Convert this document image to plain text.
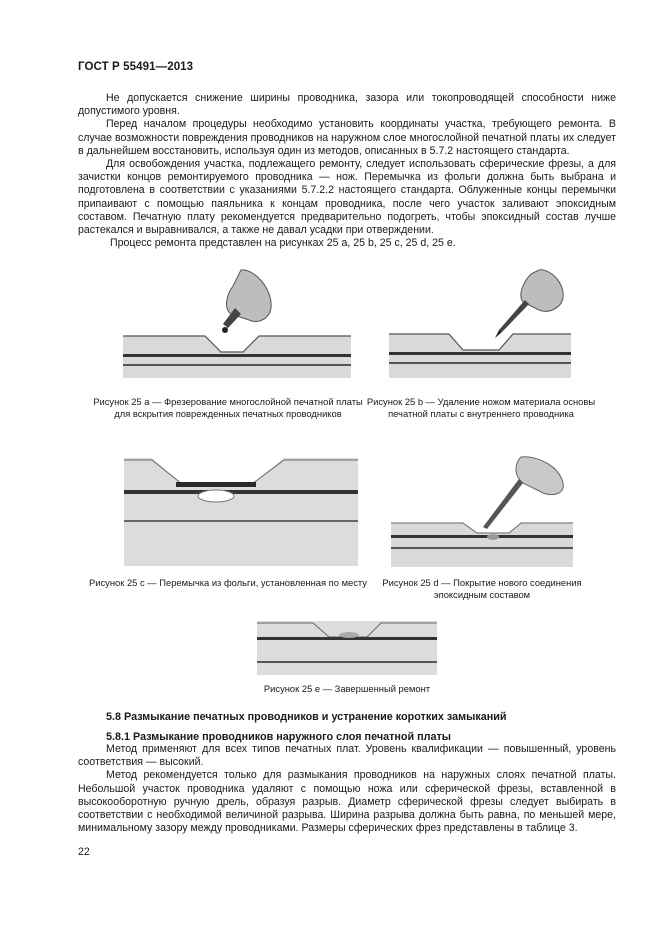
ГОСТ Р 55491—2013

Не допускается снижение ширины проводника, зазора или токопроводящей способности ниже допустимого уровня.

Перед началом процедуры необходимо установить координаты участка, требующего ремонта. В случае возможности повреждения проводников на наружном слое многослойной печатной платы их следует в дальнейшем восстановить, используя один из методов, описанных в 5.7.2 настоящего стандарта.

Для освобождения участка, подлежащего ремонту, следует использовать сферические фрезы, а для зачистки концов ремонтируемого проводника — нож. Перемычка из фольги должна быть выбрана и подготовлена в соответствии с указаниями 5.7.2.2 настоящего стандарта. Облуженные концы перемычки припаивают с помощью паяльника к концам проводника, после чего участок заливают эпоксидным составом. Печатную плату рекомендуется предварительно подогреть, чтобы эпоксидный состав лучше растекался и выравнивался, а также не давал усадки при отверждении.

Процесс ремонта представлен на рисунках 25 a, 25 b, 25 c, 25 d, 25 e.

Рисунок 25 a — Фрезерование многослойной печатной платы для вскрытия поврежденных печатных проводников
Рисунок 25 b — Удаление ножом материала основы печатной платы с внутреннего проводника
Рисунок 25 c — Перемычка из фольги, установленная по месту	Рисунок 25 d — Покрытие нового соединения эпоксидным составом
Рисунок 25 e — Завершенный ремонт
5.8 Размыкание печатных проводников и устранение коротких замыканий
5.8.1 Размыкание проводников наружного слоя печатной платы

Метод применяют для всех типов печатных плат. Уровень квалификации — повышенный, уровень соответствия — высокий.

Метод рекомендуется только для размыкания проводников на наружных слоях печатной платы. Небольшой участок проводника удаляют с помощью ножа или сферической фрезы, вставленной в высокооборотную ручную дрель, образуя разрыв. Диаметр сферической фрезы следует выбирать в соответствии с необходимой величиной разрыва. Ширина разрыва должна быть равна, по меньшей мере, минимальному зазору между проводниками. Размеры сферических фрез представлены в таблице 3.

22
